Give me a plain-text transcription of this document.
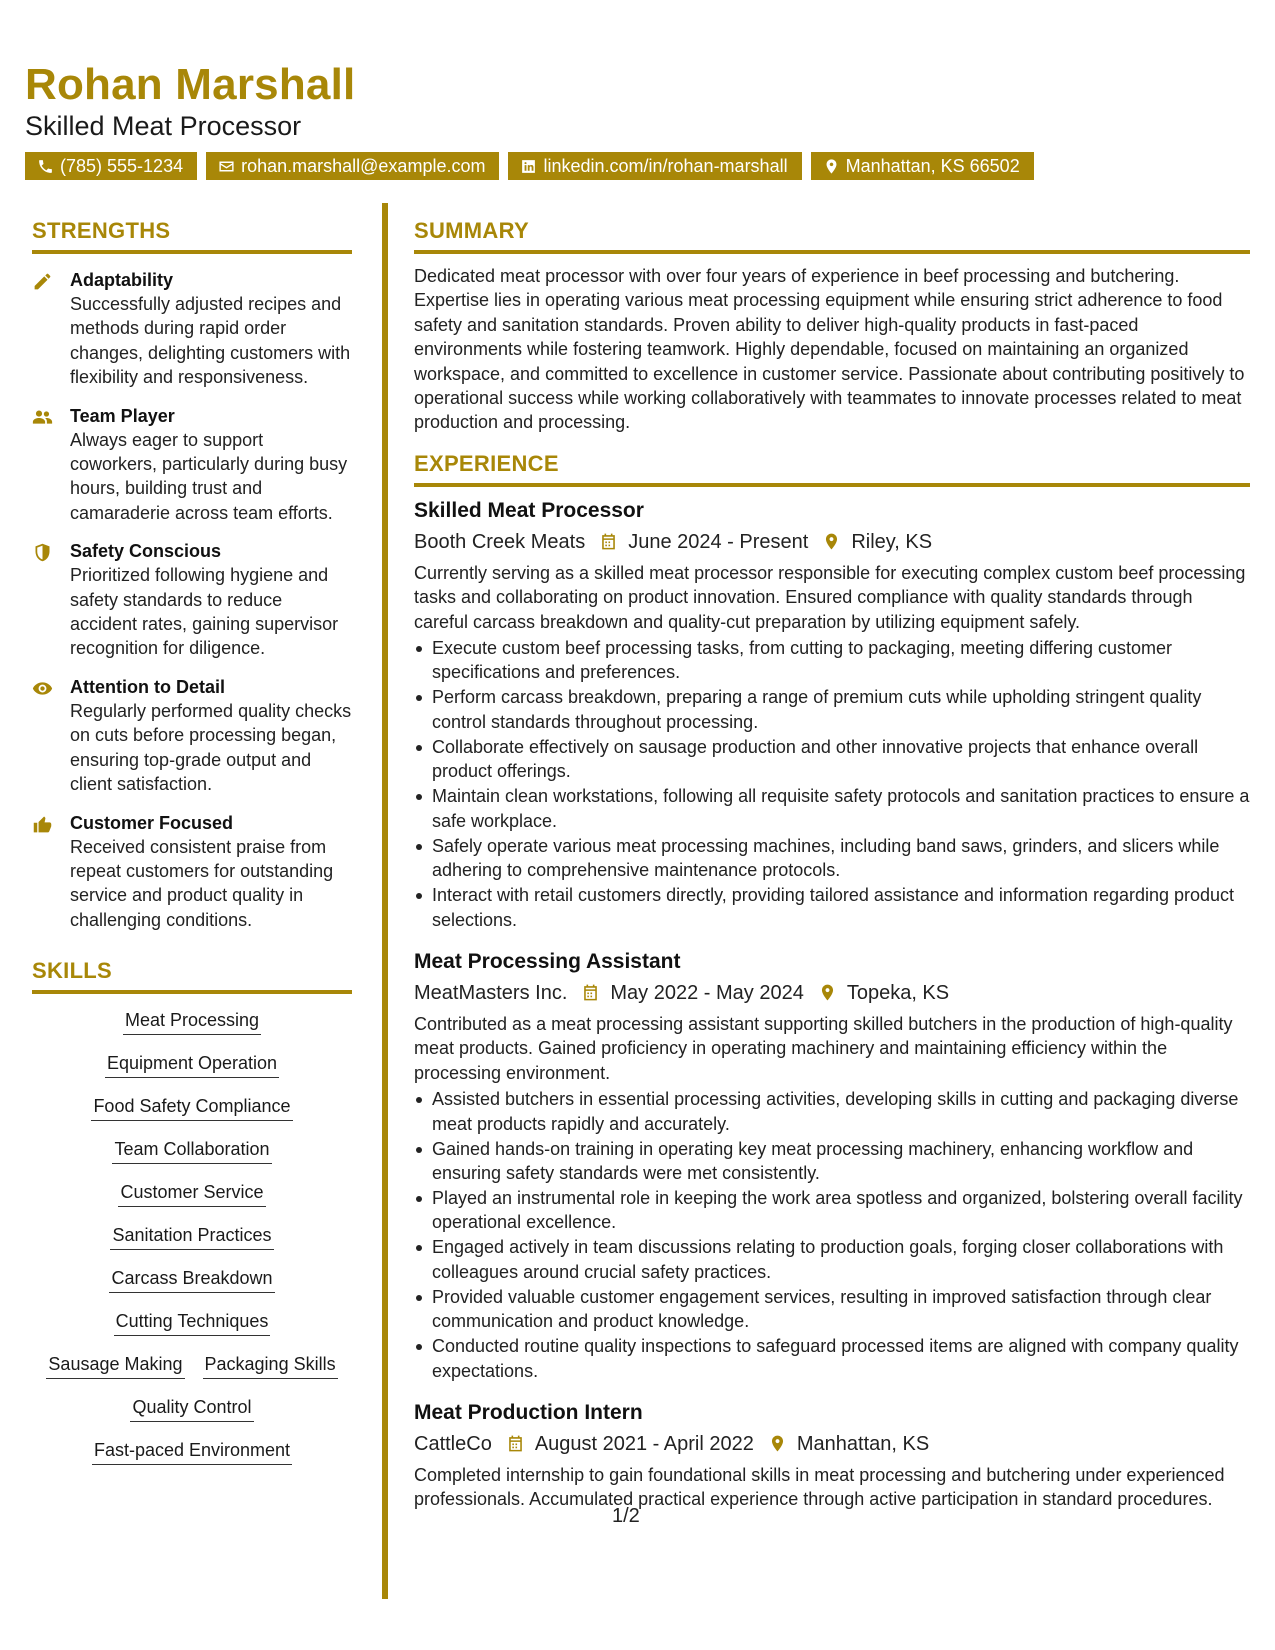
Rohan Marshall
Skilled Meat Processor
(785) 555-1234	rohan.marshall@example.com	linkedin.com/in/rohan-marshall	Manhattan, KS 66502
STRENGTHS
Adaptability
Successfully adjusted recipes and methods during rapid order changes, delighting customers with flexibility and responsiveness.
Team Player
Always eager to support coworkers, particularly during busy hours, building trust and camaraderie across team efforts.
Safety Conscious
Prioritized following hygiene and safety standards to reduce accident rates, gaining supervisor recognition for diligence.
Attention to Detail
Regularly performed quality checks on cuts before processing began, ensuring top-grade output and client satisfaction.
Customer Focused
Received consistent praise from repeat customers for outstanding service and product quality in challenging conditions.
SKILLS
Meat Processing
Equipment Operation
Food Safety Compliance
Team Collaboration
Customer Service
Sanitation Practices
Carcass Breakdown
Cutting Techniques
Sausage Making Packaging Skills
Quality Control
Fast-paced Environment
SUMMARY
Dedicated meat processor with over four years of experience in beef processing and butchering. Expertise lies in operating various meat processing equipment while ensuring strict adherence to food safety and sanitation standards. Proven ability to deliver high-quality products in fast-paced environments while fostering teamwork. Highly dependable, focused on maintaining an organized workspace, and committed to excellence in customer service. Passionate about contributing positively to operational success while working collaboratively with teammates to innovate processes related to meat production and processing.
EXPERIENCE
Skilled Meat Processor
Booth Creek Meats June 2024 - Present Riley, KS
Currently serving as a skilled meat processor responsible for executing complex custom beef processing tasks and collaborating on product innovation. Ensured compliance with quality standards through careful carcass breakdown and quality-cut preparation by utilizing equipment safely.
Execute custom beef processing tasks, from cutting to packaging, meeting differing customer specifications and preferences.
Perform carcass breakdown, preparing a range of premium cuts while upholding stringent quality control standards throughout processing.
Collaborate effectively on sausage production and other innovative projects that enhance overall product offerings.
Maintain clean workstations, following all requisite safety protocols and sanitation practices to ensure a safe workplace.
Safely operate various meat processing machines, including band saws, grinders, and slicers while adhering to comprehensive maintenance protocols.
Interact with retail customers directly, providing tailored assistance and information regarding product selections.
Meat Processing Assistant
MeatMasters Inc. May 2022 - May 2024 Topeka, KS
Contributed as a meat processing assistant supporting skilled butchers in the production of high-quality meat products. Gained proficiency in operating machinery and maintaining efficiency within the processing environment.
Assisted butchers in essential processing activities, developing skills in cutting and packaging diverse meat products rapidly and accurately.
Gained hands-on training in operating key meat processing machinery, enhancing workflow and ensuring safety standards were met consistently.
Played an instrumental role in keeping the work area spotless and organized, bolstering overall facility operational excellence.
Engaged actively in team discussions relating to production goals, forging closer collaborations with colleagues around crucial safety practices.
Provided valuable customer engagement services, resulting in improved satisfaction through clear communication and product knowledge.
Conducted routine quality inspections to safeguard processed items are aligned with company quality expectations.
Meat Production Intern
CattleCo August 2021 - April 2022 Manhattan, KS
Completed internship to gain foundational skills in meat processing and butchering under experienced professionals. Accumulated practical experience through active participation in standard procedures.
1/2
